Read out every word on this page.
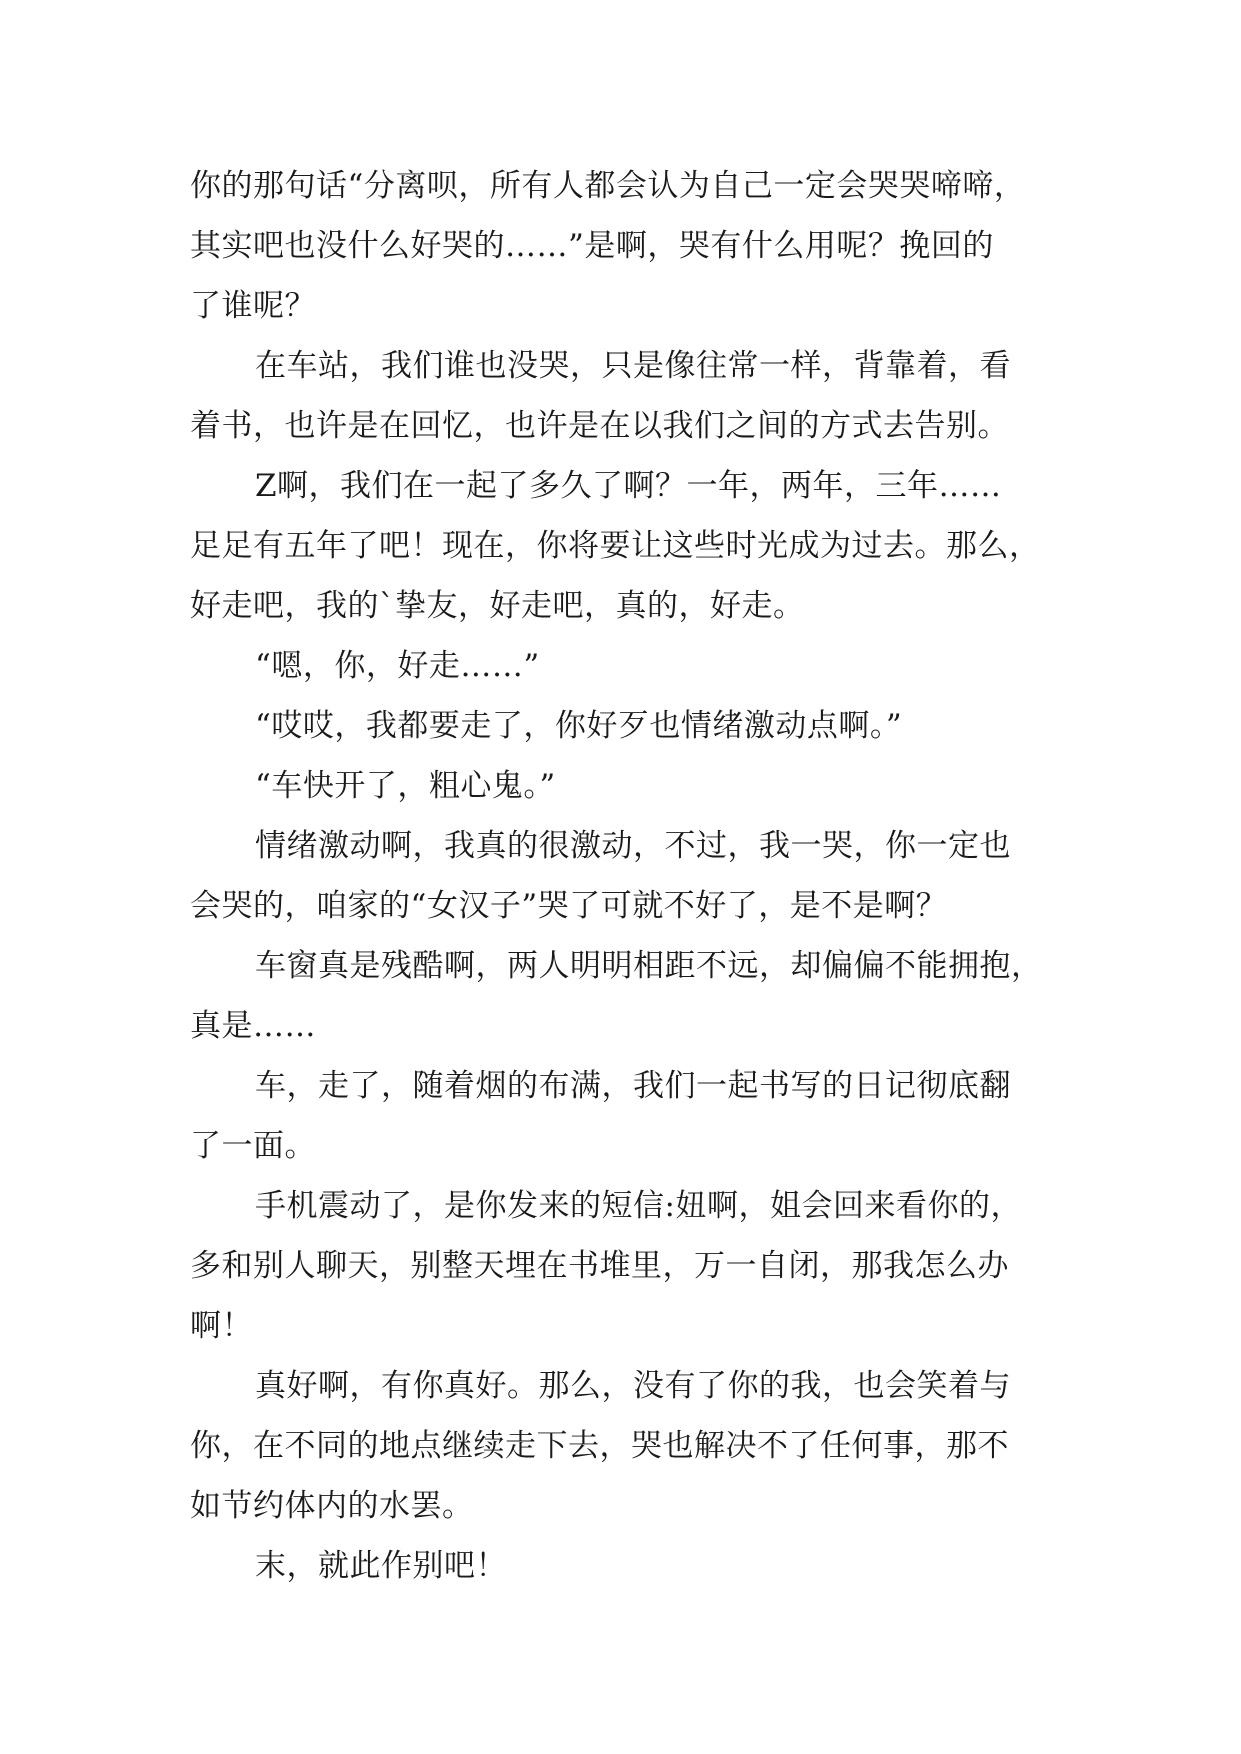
你的那句话“分离呗，所有人都会认为自己一定会哭哭啼啼，

其实吧也没什么好哭的……”是啊，哭有什么用呢？挽回的

了谁呢？

在车站，我们谁也没哭，只是像往常一样，背靠着，看

着书，也许是在回忆，也许是在以我们之间的方式去告别。

Z啊，我们在一起了多久了啊？一年，两年，三年……

足足有五年了吧！现在，你将要让这些时光成为过去。那么，

好走吧，我的`挚友，好走吧，真的，好走。

“嗯，你，好走……”

“哎哎，我都要走了，你好歹也情绪激动点啊。”

“车快开了，粗心鬼。”

情绪激动啊，我真的很激动，不过，我一哭，你一定也

会哭的，咱家的“女汉子”哭了可就不好了，是不是啊？

车窗真是残酷啊，两人明明相距不远，却偏偏不能拥抱，

真是……

车，走了，随着烟的布满，我们一起书写的日记彻底翻

了一面。

手机震动了，是你发来的短信:妞啊，姐会回来看你的，

多和别人聊天，别整天埋在书堆里，万一自闭，那我怎么办

啊！

真好啊，有你真好。那么，没有了你的我，也会笑着与

你，在不同的地点继续走下去，哭也解决不了任何事，那不

如节约体内的水罢。

末，就此作别吧！
